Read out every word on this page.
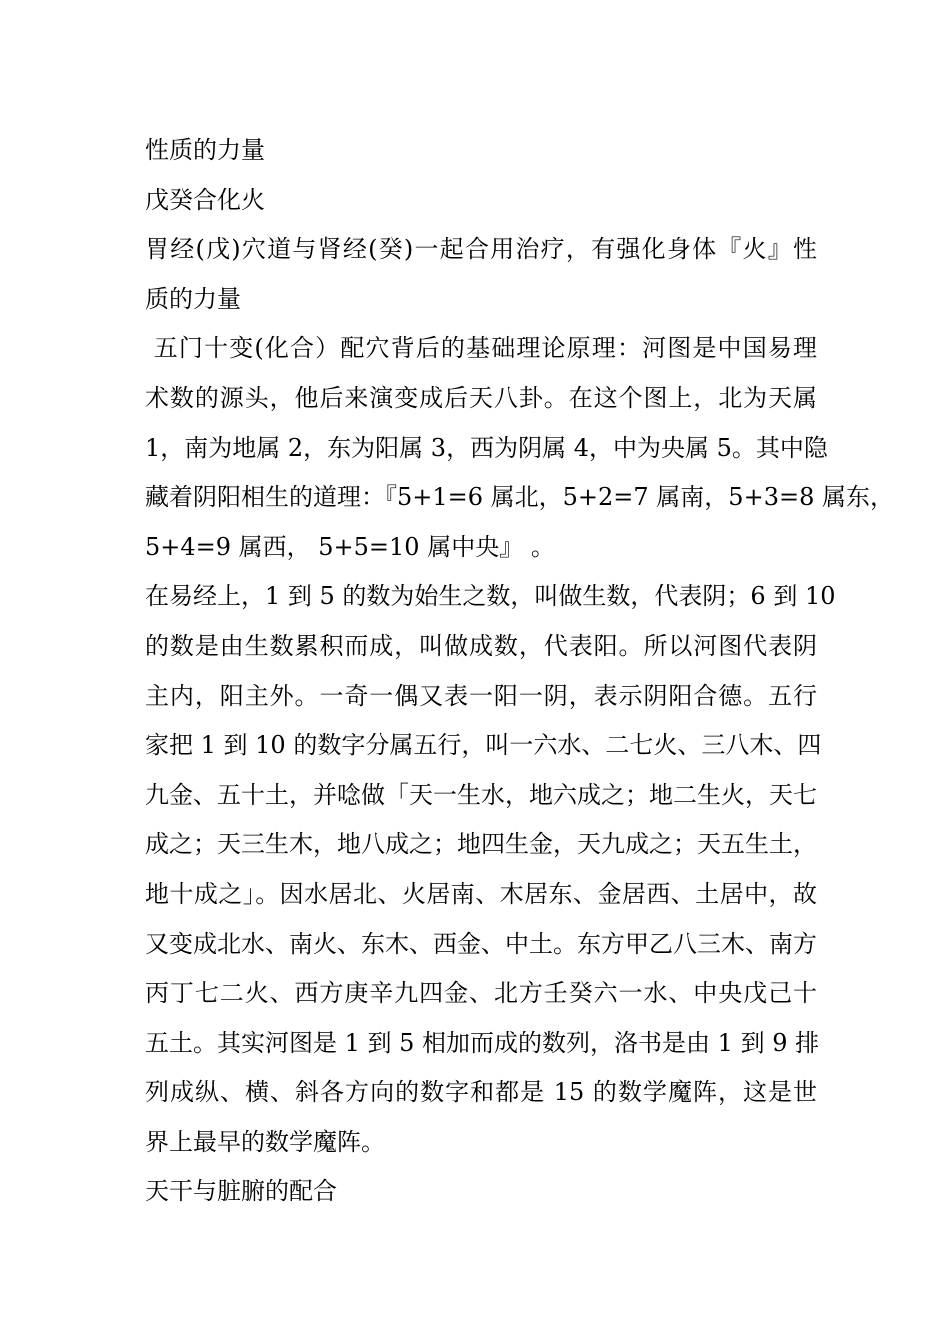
性质的力量
戊癸合化火
胃经(戊)穴道与肾经(癸)一起合用治疗，有强化身体『火』性
质的力量
五门十变(化合）配穴背后的基础理论原理：河图是中国易理
术数的源头，他后来演变成后天八卦。在这个图上，北为天属
1，南为地属 2，东为阳属 3，西为阴属 4，中为央属 5。其中隐
藏着阴阳相生的道理：『5+1=6 属北，5+2=7 属南，5+3=8 属东，
5+4=9 属西， 5+5=10 属中央』 。
在易经上，1 到 5 的数为始生之数，叫做生数，代表阴；6 到 10
的数是由生数累积而成，叫做成数，代表阳。所以河图代表阴
主内，阳主外。一奇一偶又表一阳一阴，表示阴阳合德。五行
家把 1 到 10 的数字分属五行，叫一六水、二七火、三八木、四
九金、五十土，并唸做「天一生水，地六成之；地二生火，天七
成之；天三生木，地八成之；地四生金，天九成之；天五生土，
地十成之」。因水居北、火居南、木居东、金居西、土居中，故
又变成北水、南火、东木、西金、中土。东方甲乙八三木、南方
丙丁七二火、西方庚辛九四金、北方壬癸六一水、中央戊己十
五土。其实河图是 1 到 5 相加而成的数列，洛书是由 1 到 9 排
列成纵、横、斜各方向的数字和都是 15 的数学魔阵，这是世
界上最早的数学魔阵。
天干与脏腑的配合
